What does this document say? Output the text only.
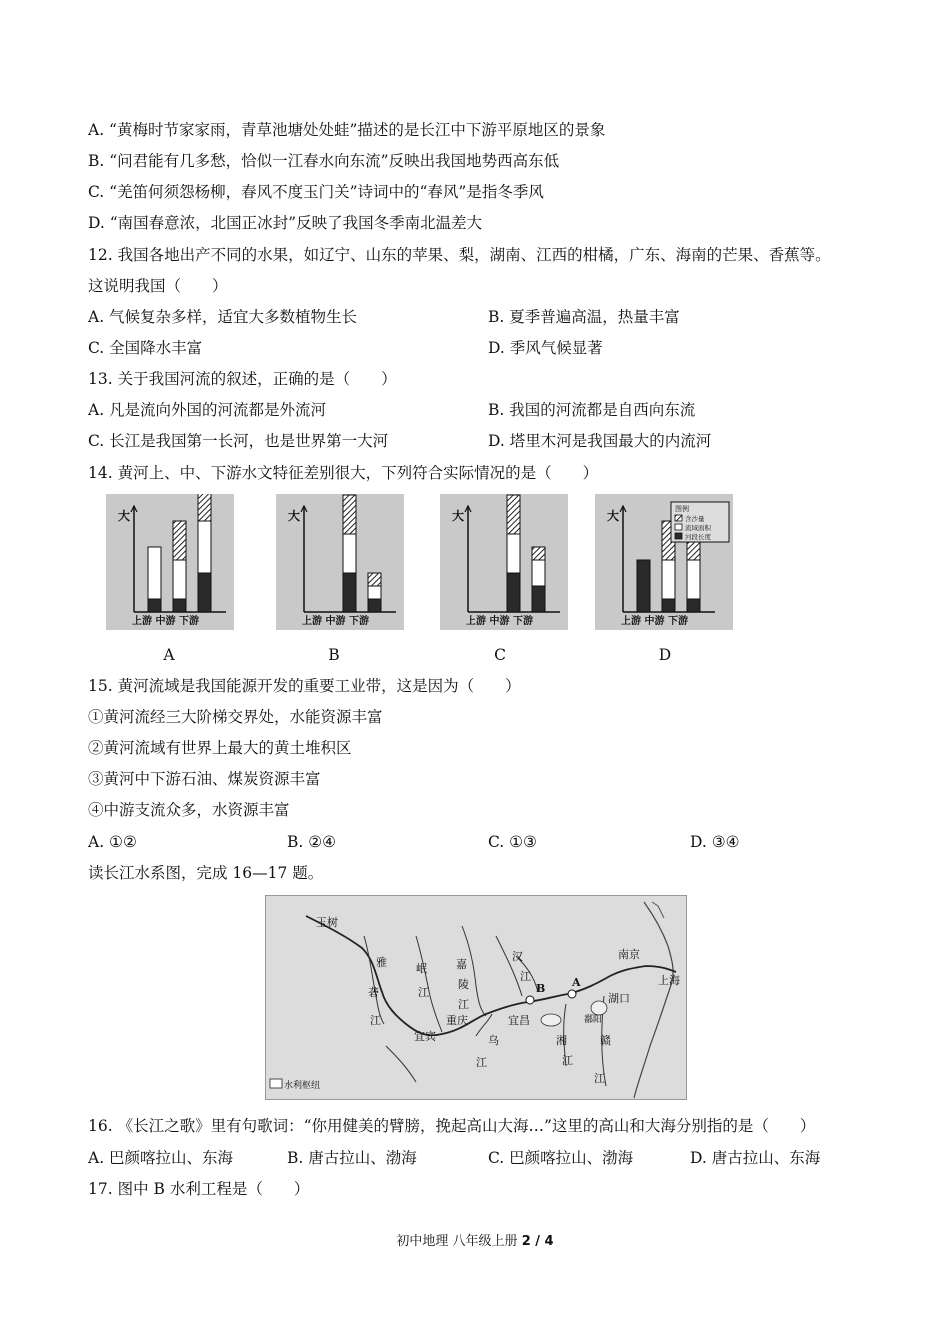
A. “黄梅时节家家雨，青草池塘处处蛙”描述的是长江中下游平原地区的景象
B. “问君能有几多愁，恰似一江春水向东流”反映出我国地势西高东低
C. “羌笛何须怨杨柳，春风不度玉门关”诗词中的“春风”是指冬季风
D. “南国春意浓，北国正冰封”反映了我国冬季南北温差大
12. 我国各地出产不同的水果，如辽宁、山东的苹果、梨，湖南、江西的柑橘，广东、海南的芒果、香蕉等。
这说明我国（　　）
A. 气候复杂多样，适宜大多数植物生长	B. 夏季普遍高温，热量丰富
C. 全国降水丰富	D. 季风气候显著
13. 关于我国河流的叙述，正确的是（　　）
A. 凡是流向外国的河流都是外流河	B. 我国的河流都是自西向东流
C. 长江是我国第一长河，也是世界第一大河	D. 塔里木河是我国最大的内流河
14. 黄河上、中、下游水文特征差别很大，下列符合实际情况的是（　　）
大
上游 中游 下游
大
上游 中游 下游
大
上游 中游 下游
大
上游 中游 下游
图例
含沙量
流域面积
河段长度
A	B	C	D
15. 黄河流域是我国能源开发的重要工业带，这是因为（　　）
①黄河流经三大阶梯交界处，水能资源丰富
②黄河流域有世界上最大的黄土堆积区
③黄河中下游石油、煤炭资源丰富
④中游支流众多，水资源丰富
A. ①②	B. ②④	C. ①③	D. ③④
读长江水系图，完成 16—17 题。
玉树
雅
砻
江
岷
江
嘉
陵
江
重庆
宜宾	乌
江
宜昌
B A
汉
江
湘
江
鄱阳
赣
江
湖口
南京
上海
水利枢纽
16. 《长江之歌》里有句歌词：“你用健美的臂膀，挽起高山大海…”这里的高山和大海分别指的是（　　）
A. 巴颜喀拉山、东海	B. 唐古拉山、渤海	C. 巴颜喀拉山、渤海	D. 唐古拉山、东海
17. 图中 B 水利工程是（　　）
初中地理 八年级上册 2 / 4
